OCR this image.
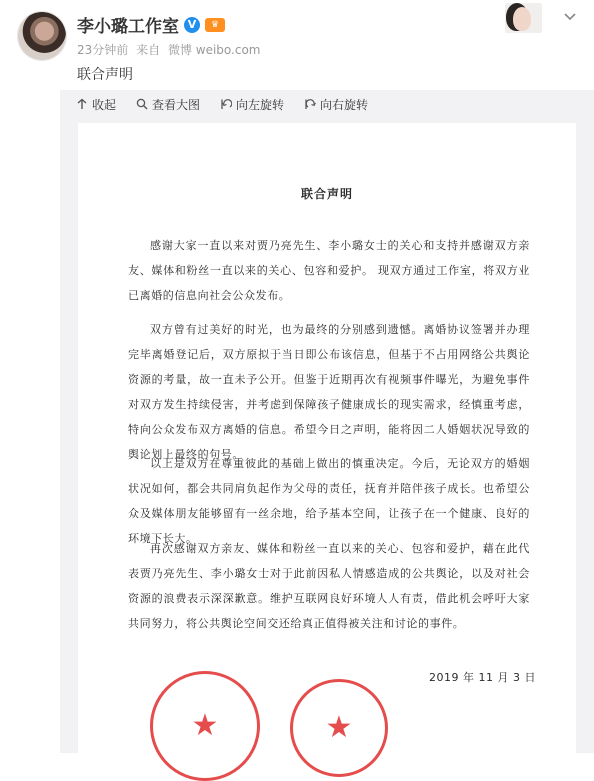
李小璐工作室 V	♛
23分钟前 来自 微博 weibo.com
联合声明
收起	查看大图	向左旋转	向右旋转
联合声明
感谢大家一直以来对贾乃亮先生、李小璐女士的关心和支持并感谢双方亲友、媒体和粉丝一直以来的关心、包容和爱护。 现双方通过工作室，将双方业已离婚的信息向社会公众发布。
双方曾有过美好的时光，也为最终的分别感到遗憾。离婚协议签署并办理完毕离婚登记后，双方原拟于当日即公布该信息，但基于不占用网络公共舆论资源的考量，故一直未予公开。但鉴于近期再次有视频事件曝光，为避免事件对双方发生持续侵害，并考虑到保障孩子健康成长的现实需求，经慎重考虑，特向公众发布双方离婚的信息。希望今日之声明，能将因二人婚姻状况导致的舆论划上最终的句号。
以上是双方在尊重彼此的基础上做出的慎重决定。今后，无论双方的婚姻状况如何，都会共同肩负起作为父母的责任，抚育并陪伴孩子成长。也希望公众及媒体朋友能够留有一丝余地，给予基本空间，让孩子在一个健康、良好的环境下长大。
再次感谢双方亲友、媒体和粉丝一直以来的关心、包容和爱护，藉在此代表贾乃亮先生、李小璐女士对于此前因私人情感造成的公共舆论，以及对社会资源的浪费表示深深歉意。维护互联网良好环境人人有责，借此机会呼吁大家共同努力，将公共舆论空间交还给真正值得被关注和讨论的事件。
2019 年 11 月 3 日
★	★
